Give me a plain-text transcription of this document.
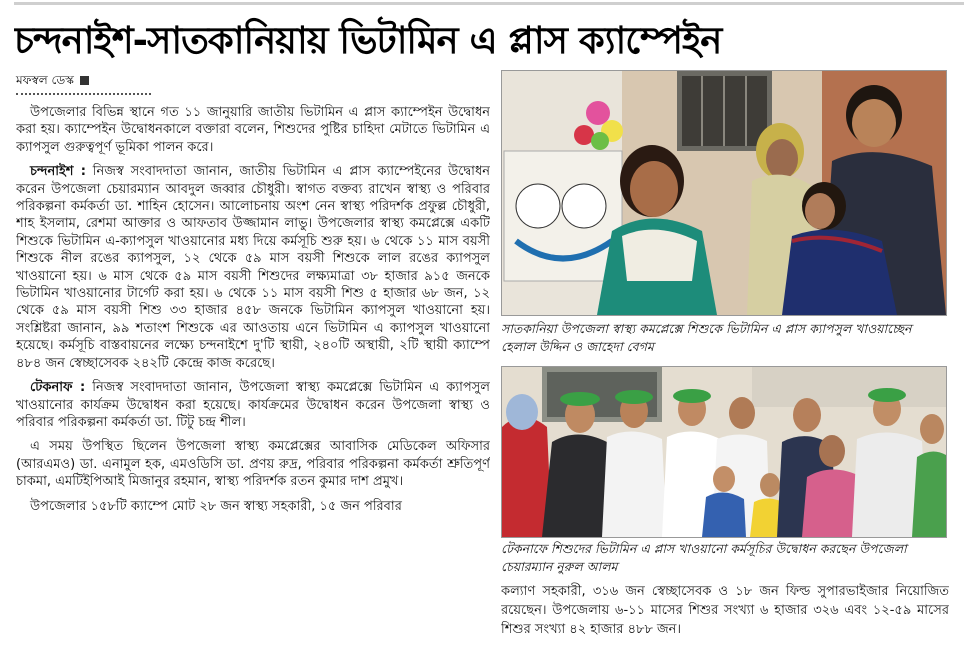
চন্দনাইশ-সাতকানিয়ায় ভিটামিন এ প্লাস ক্যাম্পেইন
মফস্বল ডেস্ক

উপজেলার বিভিন্ন স্থানে গত ১১ জানুয়ারি জাতীয় ভিটামিন এ প্লাস ক্যাম্পেইন উদ্বোধন করা হয়। ক্যাম্পেইন উদ্বোধনকালে বক্তারা বলেন, শিশুদের পুষ্টির চাহিদা মেটাতে ভিটামিন এ ক্যাপসুল গুরুত্বপূর্ণ ভূমিকা পালন করে।

চন্দনাইশ : নিজস্ব সংবাদদাতা জানান, জাতীয় ভিটামিন এ প্লাস ক্যাম্পেইনের উদ্বোধন করেন উপজেলা চেয়ারম্যান আবদুল জব্বার চৌধুরী। স্বাগত বক্তব্য রাখেন স্বাস্থ্য ও পরিবার পরিকল্পনা কর্মকর্তা ডা. শাহিন হোসেন। আলোচনায় অংশ নেন স্বাস্থ্য পরিদর্শক প্রফুল্ল চৌধুরী, শাহ ইসলাম, রেশমা আক্তার ও আফতাব উজ্জামান লাভু। উপজেলার স্বাস্থ্য কমপ্লেক্সে একটি শিশুকে ভিটামিন এ-ক্যাপসুল খাওয়ানোর মধ্য দিয়ে কর্মসূচি শুরু হয়। ৬ থেকে ১১ মাস বয়সী শিশুকে নীল রঙের ক্যাপসুল, ১২ থেকে ৫৯ মাস বয়সী শিশুকে লাল রঙের ক্যাপসুল খাওয়ানো হয়। ৬ মাস থেকে ৫৯ মাস বয়সী শিশুদের লক্ষ্যমাত্রা ৩৮ হাজার ৯১৫ জনকে ভিটামিন খাওয়ানোর টার্গেট করা হয়। ৬ থেকে ১১ মাস বয়সী শিশু ৫ হাজার ৬৮ জন, ১২ থেকে ৫৯ মাস বয়সী শিশু ৩৩ হাজার ৪৫৮ জনকে ভিটামিন ক্যাপসুল খাওয়ানো হয়। সংশ্লিষ্টরা জানান, ৯৯ শতাংশ শিশুকে এর আওতায় এনে ভিটামিন এ ক্যাপসুল খাওয়ানো হয়েছে। কর্মসূচি বাস্তবায়নের লক্ষ্যে চন্দনাইশে দু'টি স্থায়ী, ২৪০টি অস্থায়ী, ২টি স্থায়ী ক্যাম্পে ৪৮৪ জন স্বেচ্ছাসেবক ২৪২টি কেন্দ্রে কাজ করেছে।

টেকনাফ : নিজস্ব সংবাদদাতা জানান, উপজেলা স্বাস্থ্য কমপ্লেক্সে ভিটামিন এ ক্যাপসুল খাওয়ানোর কার্যক্রম উদ্বোধন করা হয়েছে। কার্যক্রমের উদ্বোধন করেন উপজেলা স্বাস্থ্য ও পরিবার পরিকল্পনা কর্মকর্তা ডা. টিটু চন্দ্র শীল।

এ সময় উপস্থিত ছিলেন উপজেলা স্বাস্থ্য কমপ্লেক্সের আবাসিক মেডিকেল অফিসার (আরএমও) ডা. এনামুল হক, এমওডিসি ডা. প্রণয় রুদ্র, পরিবার পরিকল্পনা কর্মকর্তা শ্রুতিপূর্ণ চাকমা, এমটিইপিআই মিজানুর রহমান, স্বাস্থ্য পরিদর্শক রতন কুমার দাশ প্রমুখ।

উপজেলার ১৫৮টি ক্যাম্পে মোট ২৮ জন স্বাস্থ্য সহকারী, ১৫ জন পরিবার

সাতকানিয়া উপজেলা স্বাস্থ্য কমপ্লেক্সে শিশুকে ভিটামিন এ প্লাস ক্যাপসুল খাওয়াচ্ছেন হেলাল উদ্দিন ও জাহেদা বেগম
টেকনাফে শিশুদের ভিটামিন এ প্লাস খাওয়ানো কর্মসূচির উদ্বোধন করছেন উপজেলা চেয়ারম্যান নুরুল আলম

কল্যাণ সহকারী, ৩১৬ জন স্বেচ্ছাসেবক ও ১৮ জন ফিল্ড সুপারভাইজার নিয়োজিত রয়েছেন। উপজেলায় ৬-১১ মাসের শিশুর সংখ্যা ৬ হাজার ৩২৬ এবং ১২-৫৯ মাসের শিশুর সংখ্যা ৪২ হাজার ৪৮৮ জন।
